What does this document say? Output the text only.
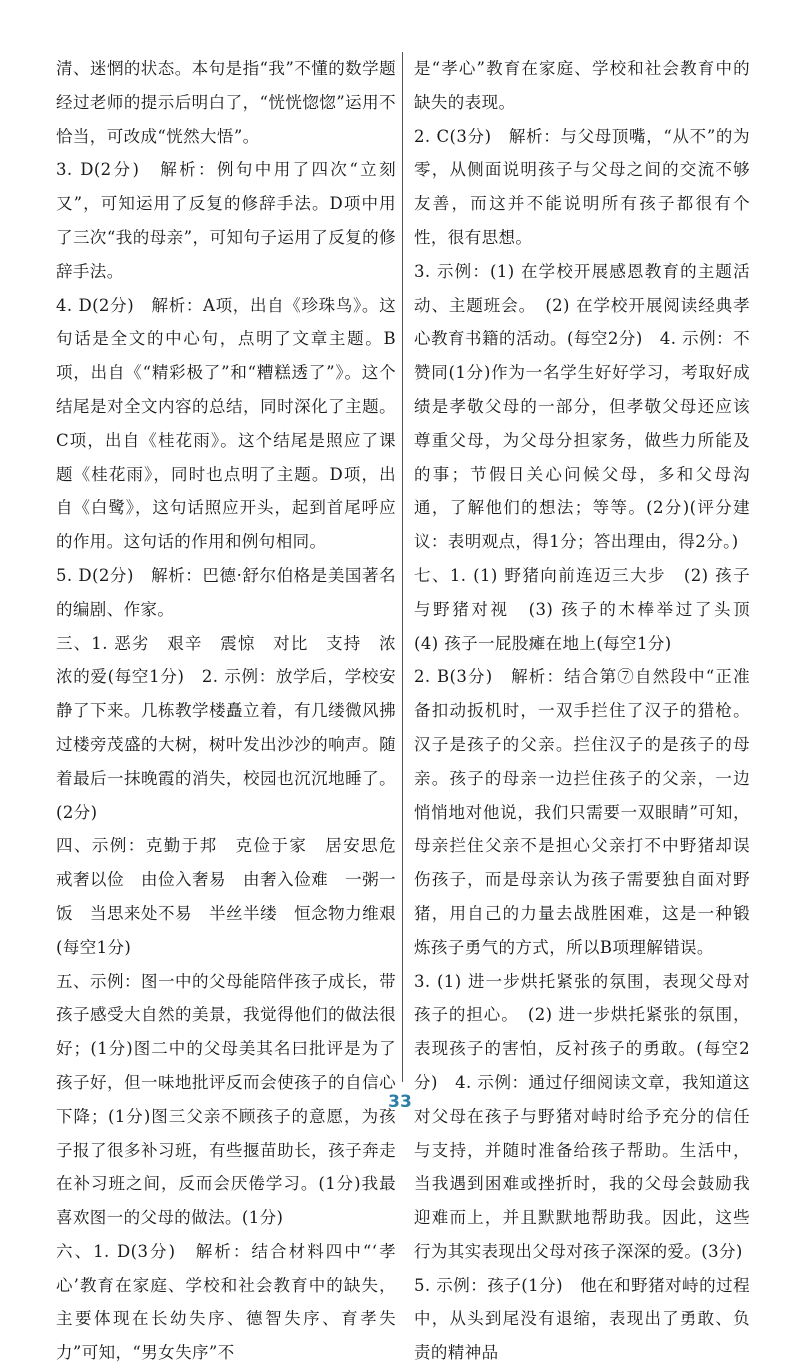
清、迷惘的状态。本句是指“我”不懂的数学题经过老师的提示后明白了，“恍恍惚惚”运用不恰当，可改成“恍然大悟”。

3. D(2分)　解析：例句中用了四次“立刻又”，可知运用了反复的修辞手法。D项中用了三次“我的母亲”，可知句子运用了反复的修辞手法。

4. D(2分)　解析：A项，出自《珍珠鸟》。这句话是全文的中心句，点明了文章主题。B项，出自《“精彩极了”和“糟糕透了”》。这个结尾是对全文内容的总结，同时深化了主题。C项，出自《桂花雨》。这个结尾是照应了课题《桂花雨》，同时也点明了主题。D项，出自《白鹭》，这句话照应开头，起到首尾呼应的作用。这句话的作用和例句相同。

5. D(2分)　解析：巴德·舒尔伯格是美国著名的编剧、作家。

三、1. 恶劣　艰辛　震惊　对比　支持　浓浓的爱(每空1分)　2. 示例：放学后，学校安静了下来。几栋教学楼矗立着，有几缕微风拂过楼旁茂盛的大树，树叶发出沙沙的响声。随着最后一抹晚霞的消失，校园也沉沉地睡了。(2分)

四、示例：克勤于邦　克俭于家　居安思危　戒奢以俭　由俭入奢易　由奢入俭难　一粥一饭　当思来处不易　半丝半缕　恒念物力维艰(每空1分)

五、示例：图一中的父母能陪伴孩子成长，带孩子感受大自然的美景，我觉得他们的做法很好；(1分)图二中的父母美其名曰批评是为了孩子好，但一味地批评反而会使孩子的自信心下降；(1分)图三父亲不顾孩子的意愿，为孩子报了很多补习班，有些揠苗助长，孩子奔走在补习班之间，反而会厌倦学习。(1分)我最喜欢图一的父母的做法。(1分)

六、1. D(3分)　解析：结合材料四中“‘孝心’教育在家庭、学校和社会教育中的缺失，主要体现在长幼失序、德智失序、育孝失力”可知，“男女失序”不

是“孝心”教育在家庭、学校和社会教育中的缺失的表现。

2. C(3分)　解析：与父母顶嘴，“从不”的为零，从侧面说明孩子与父母之间的交流不够友善，而这并不能说明所有孩子都很有个性，很有思想。

3. 示例：(1) 在学校开展感恩教育的主题活动、主题班会。　(2) 在学校开展阅读经典孝心教育书籍的活动。(每空2分)　4. 示例：不赞同(1分)作为一名学生好好学习，考取好成绩是孝敬父母的一部分，但孝敬父母还应该尊重父母，为父母分担家务，做些力所能及的事；节假日关心问候父母，多和父母沟通，了解他们的想法；等等。(2分)(评分建议：表明观点，得1分；答出理由，得2分。)

七、1. (1) 野猪向前连迈三大步　(2) 孩子与野猪对视　(3) 孩子的木棒举过了头顶　(4) 孩子一屁股瘫在地上(每空1分)

2. B(3分)　解析：结合第⑦自然段中“正准备扣动扳机时，一双手拦住了汉子的猎枪。汉子是孩子的父亲。拦住汉子的是孩子的母亲。孩子的母亲一边拦住孩子的父亲，一边悄悄地对他说，我们只需要一双眼睛”可知，母亲拦住父亲不是担心父亲打不中野猪却误伤孩子，而是母亲认为孩子需要独自面对野猪，用自己的力量去战胜困难，这是一种锻炼孩子勇气的方式，所以B项理解错误。

3. (1) 进一步烘托紧张的氛围，表现父母对孩子的担心。　(2) 进一步烘托紧张的氛围，表现孩子的害怕，反衬孩子的勇敢。(每空2分)　4. 示例：通过仔细阅读文章，我知道这对父母在孩子与野猪对峙时给予充分的信任与支持，并随时准备给孩子帮助。生活中，当我遇到困难或挫折时，我的父母会鼓励我迎难而上，并且默默地帮助我。因此，这些行为其实表现出父母对孩子深深的爱。(3分)

5. 示例：孩子(1分)　他在和野猪对峙的过程中，从头到尾没有退缩，表现出了勇敢、负责的精神品

33
